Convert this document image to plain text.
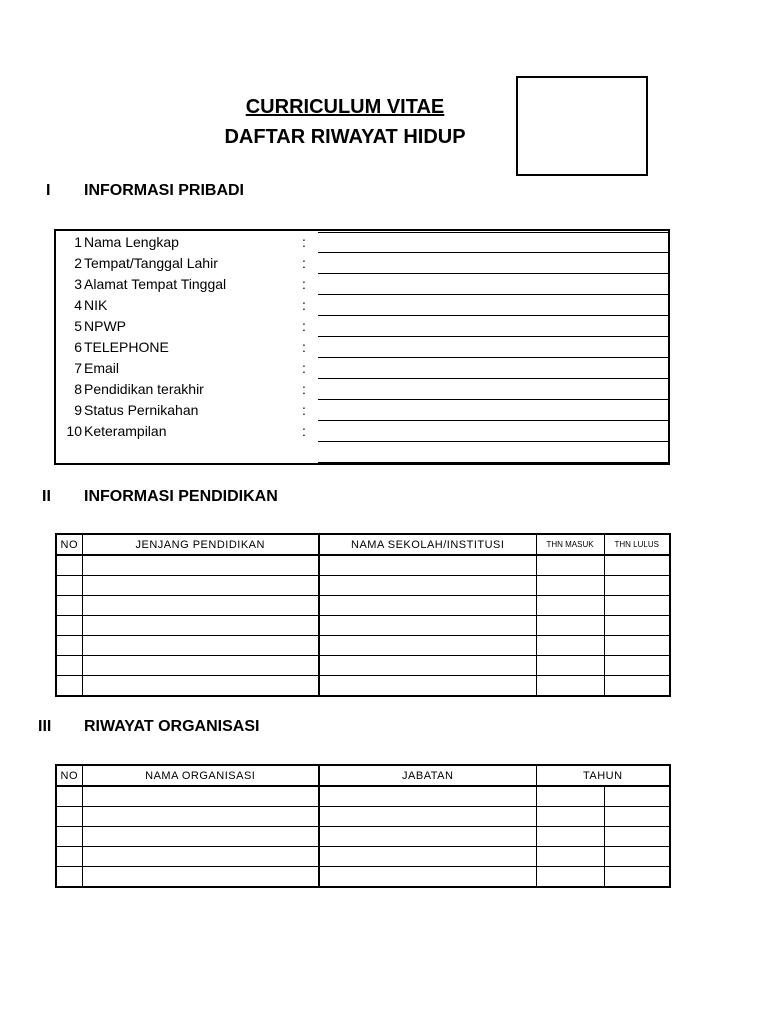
CURRICULUM VITAE
DAFTAR RIWAYAT HIDUP
I INFORMASI PRIBADI
1 Nama Lengkap	:
2 Tempat/Tanggal Lahir	:
3 Alamat Tempat Tinggal	:
4 NIK	:
5 NPWP	:
6 TELEPHONE	:
7 Email	:
8 Pendidikan terakhir	:
9 Status Pernikahan	:
10 Keterampilan	:
II INFORMASI PENDIDIKAN
NO	JENJANG PENDIDIKAN	NAMA SEKOLAH/INSTITUSI	THN MASUK	THN LULUS

III RIWAYAT ORGANISASI
NO	NAMA ORGANISASI	JABATAN	TAHUN	
